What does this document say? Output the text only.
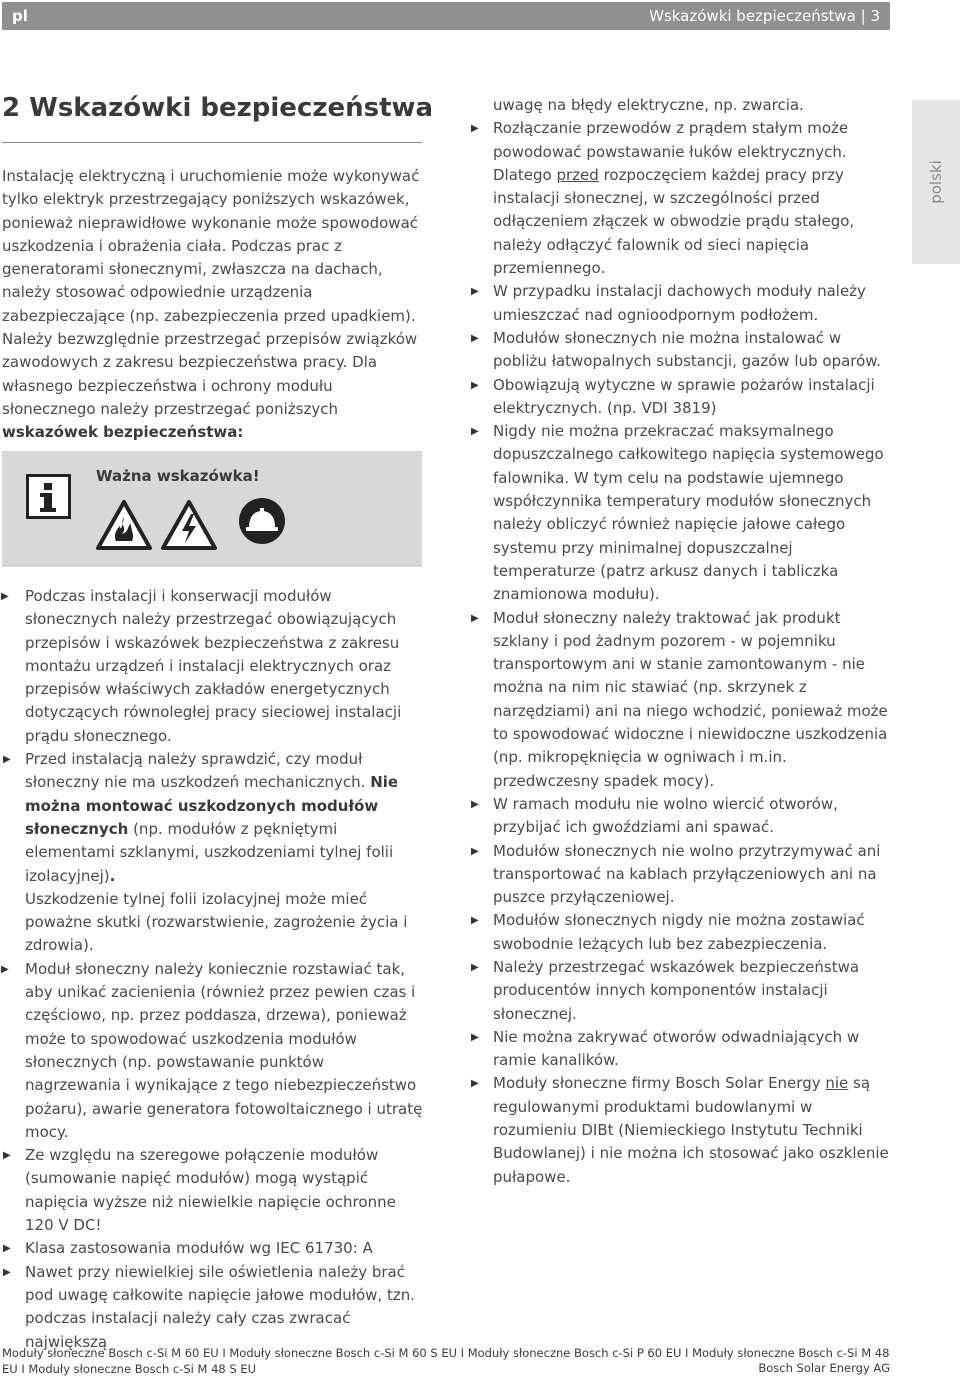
pl	Wskazówki bezpieczeństwa | 3
polski
2 Wskazówki bezpieczeństwa

Instalację elektryczną i uruchomienie może wykonywać tylko elektryk przestrzegający poniższych wskazówek, ponieważ nieprawidłowe wykonanie może spowodować uszkodzenia i obrażenia ciała. Podczas prac z generatorami słonecznymi, zwłaszcza na dachach, należy stosować odpowiednie urządzenia zabezpieczające (np. zabezpieczenia przed upadkiem). Należy bezwzględnie przestrzegać przepisów związków zawodowych z zakresu bezpieczeństwa pracy. Dla własnego bezpieczeństwa i ochrony modułu słonecznego należy przestrzegać poniższych wskazówek bezpieczeństwa:

Ważna wskazówka!

▶ Podczas instalacji i konserwacji modułów słonecznych należy przestrzegać obowiązujących przepisów i wskazówek bezpieczeństwa z zakresu montażu urządzeń i instalacji elektrycznych oraz przepisów właściwych zakładów energetycznych dotyczących równoległej pracy sieciowej instalacji prądu słonecznego.

▶ Przed instalacją należy sprawdzić, czy moduł słoneczny nie ma uszkodzeń mechanicznych. Nie można montować uszkodzonych modułów słonecznych (np. modułów z pękniętymi elementami szklanymi, uszkodzeniami tylnej folii izolacyjnej).

Uszkodzenie tylnej folii izolacyjnej może mieć poważne skutki (rozwarstwienie, zagrożenie życia i zdrowia).

▶ Moduł słoneczny należy koniecznie rozstawiać tak, aby unikać zacienienia (również przez pewien czas i częściowo, np. przez poddasza, drzewa), ponieważ może to spowodować uszkodzenia modułów słonecznych (np. powstawanie punktów nagrzewania i wynikające z tego niebezpieczeństwo pożaru), awarie generatora fotowoltaicznego i utratę mocy.

▶ Ze względu na szeregowe połączenie modułów (sumowanie napięć modułów) mogą wystąpić napięcia wyższe niż niewielkie napięcie ochronne 120 V DC!

▶ Klasa zastosowania modułów wg IEC 61730: A

▶ Nawet przy niewielkiej sile oświetlenia należy brać pod uwagę całkowite napięcie jałowe modułów, tzn. podczas instalacji należy cały czas zwracać największą

uwagę na błędy elektryczne, np. zwarcia.

▶ Rozłączanie przewodów z prądem stałym może powodować powstawanie łuków elektrycznych. Dlatego przed rozpoczęciem każdej pracy przy instalacji słonecznej, w szczególności przed odłączeniem złączek w obwodzie prądu stałego, należy odłączyć falownik od sieci napięcia przemiennego.

▶ W przypadku instalacji dachowych moduły należy umieszczać nad ognioodpornym podłożem.

▶ Modułów słonecznych nie można instalować w pobliżu łatwopalnych substancji, gazów lub oparów.

▶ Obowiązują wytyczne w sprawie pożarów instalacji elektrycznych. (np. VDI 3819)

▶ Nigdy nie można przekraczać maksymalnego dopuszczalnego całkowitego napięcia systemowego falownika. W tym celu na podstawie ujemnego współczynnika temperatury modułów słonecznych należy obliczyć również napięcie jałowe całego systemu przy minimalnej dopuszczalnej temperaturze (patrz arkusz danych i tabliczka znamionowa modułu).

▶ Moduł słoneczny należy traktować jak produkt szklany i pod żadnym pozorem - w pojemniku transportowym ani w stanie zamontowanym - nie można na nim nic stawiać (np. skrzynek z narzędziami) ani na niego wchodzić, ponieważ może to spowodować widoczne i niewidoczne uszkodzenia (np. mikropęknięcia w ogniwach i m.in. przedwczesny spadek mocy).

▶ W ramach modułu nie wolno wiercić otworów, przybijać ich gwoździami ani spawać.

▶ Modułów słonecznych nie wolno przytrzymywać ani transportować na kablach przyłączeniowych ani na puszce przyłączeniowej.

▶ Modułów słonecznych nigdy nie można zostawiać swobodnie leżących lub bez zabezpieczenia.

▶ Należy przestrzegać wskazówek bezpieczeństwa producentów innych komponentów instalacji słonecznej.

▶ Nie można zakrywać otworów odwadniających w ramie kanalików.

▶ Moduły słoneczne firmy Bosch Solar Energy nie są regulowanymi produktami budowlanymi w rozumieniu DIBt (Niemieckiego Instytutu Techniki Budowlanej) i nie można ich stosować jako oszklenie pułapowe.

Moduły słoneczne Bosch c-Si M 60 EU I Moduły słoneczne Bosch c-Si M 60 S EU I Moduły słoneczne Bosch c-Si P 60 EU I Moduły słoneczne Bosch c-Si M 48 EU I Moduły słoneczne Bosch c-Si M 48 S EU	Bosch Solar Energy AG
